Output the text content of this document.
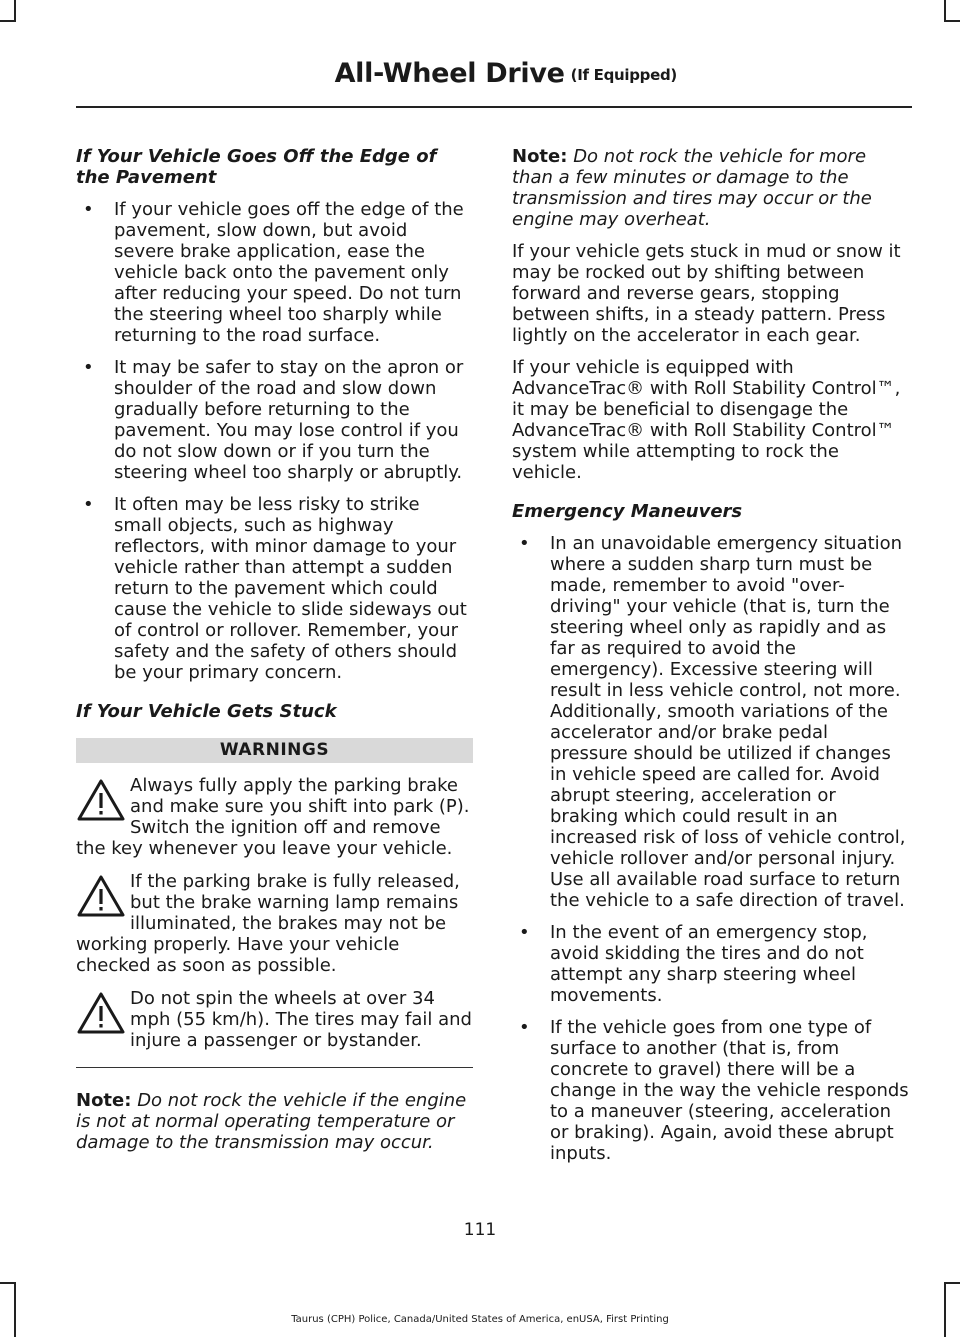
All-Wheel Drive (If Equipped)
If Your Vehicle Goes Off the Edge of the Pavement
• If your vehicle goes off the edge of the pavement, slow down, but avoid severe brake application, ease the vehicle back onto the pavement only after reducing your speed. Do not turn the steering wheel too sharply while returning to the road surface.
• It may be safer to stay on the apron or shoulder of the road and slow down gradually before returning to the pavement. You may lose control if you do not slow down or if you turn the steering wheel too sharply or abruptly.
• It often may be less risky to strike small objects, such as highway reflectors, with minor damage to your vehicle rather than attempt a sudden return to the pavement which could cause the vehicle to slide sideways out of control or rollover. Remember, your safety and the safety of others should be your primary concern.
If Your Vehicle Gets Stuck
WARNINGS
Always fully apply the parking brake and make sure you shift into park (P). Switch the ignition off and remove the key whenever you leave your vehicle.
If the parking brake is fully released, but the brake warning lamp remains illuminated, the brakes may not be working properly. Have your vehicle checked as soon as possible.
Do not spin the wheels at over 34 mph (55 km/h). The tires may fail and injure a passenger or bystander.

Note: Do not rock the vehicle if the engine is not at normal operating temperature or damage to the transmission may occur.

Note: Do not rock the vehicle for more than a few minutes or damage to the transmission and tires may occur or the engine may overheat.

If your vehicle gets stuck in mud or snow it may be rocked out by shifting between forward and reverse gears, stopping between shifts, in a steady pattern. Press lightly on the accelerator in each gear.

If your vehicle is equipped with AdvanceTrac® with Roll Stability Control™, it may be beneficial to disengage the AdvanceTrac® with Roll Stability Control™ system while attempting to rock the vehicle.

Emergency Maneuvers
• In an unavoidable emergency situation where a sudden sharp turn must be made, remember to avoid "over-driving" your vehicle (that is, turn the steering wheel only as rapidly and as far as required to avoid the emergency). Excessive steering will result in less vehicle control, not more. Additionally, smooth variations of the accelerator and/or brake pedal pressure should be utilized if changes in vehicle speed are called for. Avoid abrupt steering, acceleration or braking which could result in an increased risk of loss of vehicle control, vehicle rollover and/or personal injury. Use all available road surface to return the vehicle to a safe direction of travel.
• In the event of an emergency stop, avoid skidding the tires and do not attempt any sharp steering wheel movements.
• If the vehicle goes from one type of surface to another (that is, from concrete to gravel) there will be a change in the way the vehicle responds to a maneuver (steering, acceleration or braking). Again, avoid these abrupt inputs.
111
Taurus (CPH) Police, Canada/United States of America, enUSA, First Printing
